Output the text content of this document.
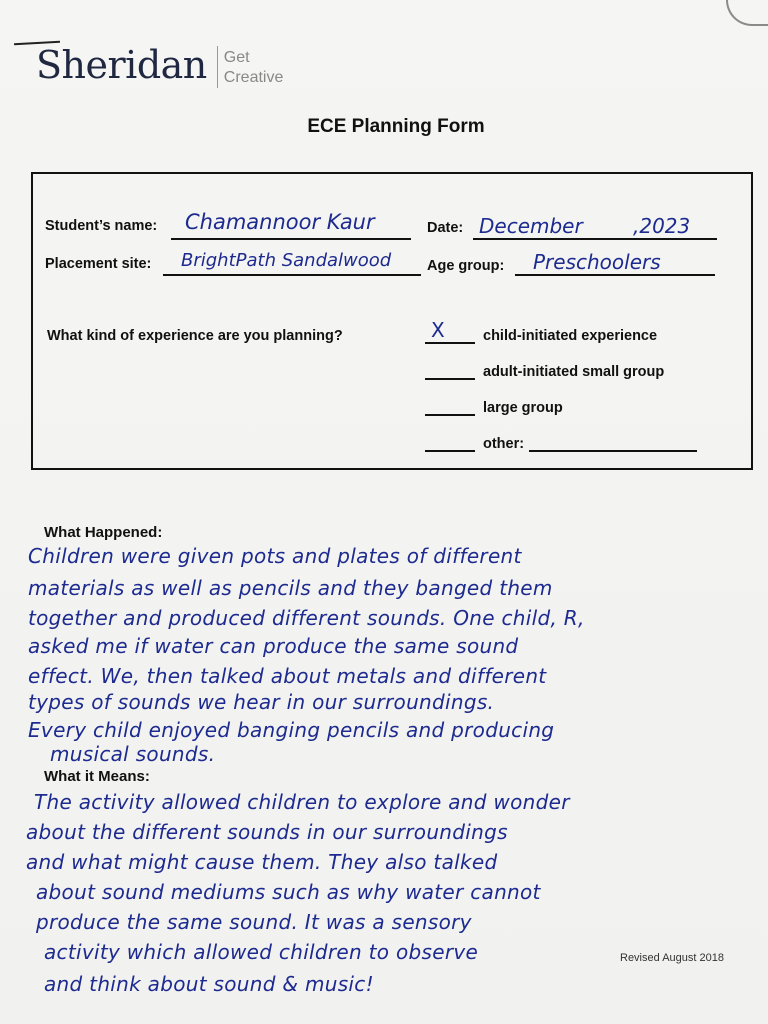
Sheridan Get
Creative
ECE Planning Form
Student’s name: Chamannoor Kaur	Date: December	,2023
Placement site: BrightPath Sandalwood Age group: Preschoolers
What kind of experience are you planning?	X	child-initiated experience
adult-initiated small group
large group
other:
What Happened:
Children were given pots and plates of different
materials as well as pencils and they banged them
together and produced different sounds. One child, R,
asked me if water can produce the same sound
effect. We, then talked about metals and different
types of sounds we hear in our surroundings.
Every child enjoyed banging pencils and producing
musical sounds.
What it Means:
The activity allowed children to explore and wonder
about the different sounds in our surroundings
and what might cause them. They also talked
about sound mediums such as why water cannot
produce the same sound. It was a sensory
activity which allowed children to observe
and think about sound & music!
Revised August 2018
